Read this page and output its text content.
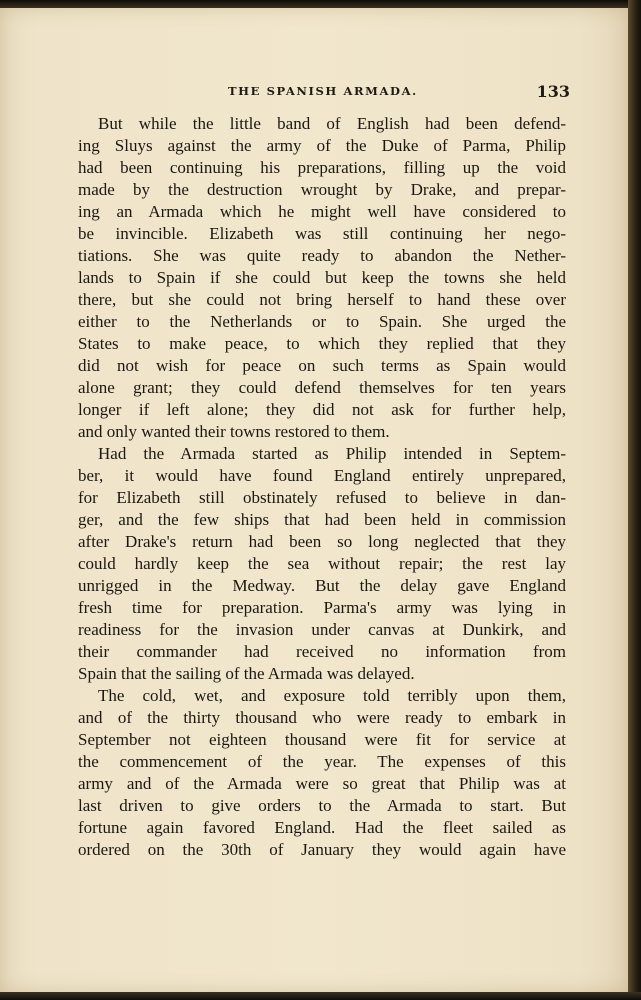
THE SPANISH ARMADA.	133
But while the little band of English had been defend-
ing Sluys against the army of the Duke of Parma, Philip
had been continuing his preparations, filling up the void
made by the destruction wrought by Drake, and prepar-
ing an Armada which he might well have considered to
be invincible. Elizabeth was still continuing her nego-
tiations. She was quite ready to abandon the Nether-
lands to Spain if she could but keep the towns she held
there, but she could not bring herself to hand these over
either to the Netherlands or to Spain. She urged the
States to make peace, to which they replied that they
did not wish for peace on such terms as Spain would
alone grant; they could defend themselves for ten years
longer if left alone; they did not ask for further help,
and only wanted their towns restored to them.
Had the Armada started as Philip intended in Septem-
ber, it would have found England entirely unprepared,
for Elizabeth still obstinately refused to believe in dan-
ger, and the few ships that had been held in commission
after Drake's return had been so long neglected that they
could hardly keep the sea without repair; the rest lay
unrigged in the Medway. But the delay gave England
fresh time for preparation. Parma's army was lying in
readiness for the invasion under canvas at Dunkirk, and
their commander had received no information from
Spain that the sailing of the Armada was delayed.
The cold, wet, and exposure told terribly upon them,
and of the thirty thousand who were ready to embark in
September not eighteen thousand were fit for service at
the commencement of the year. The expenses of this
army and of the Armada were so great that Philip was at
last driven to give orders to the Armada to start. But
fortune again favored England. Had the fleet sailed as
ordered on the 30th of January they would again have
